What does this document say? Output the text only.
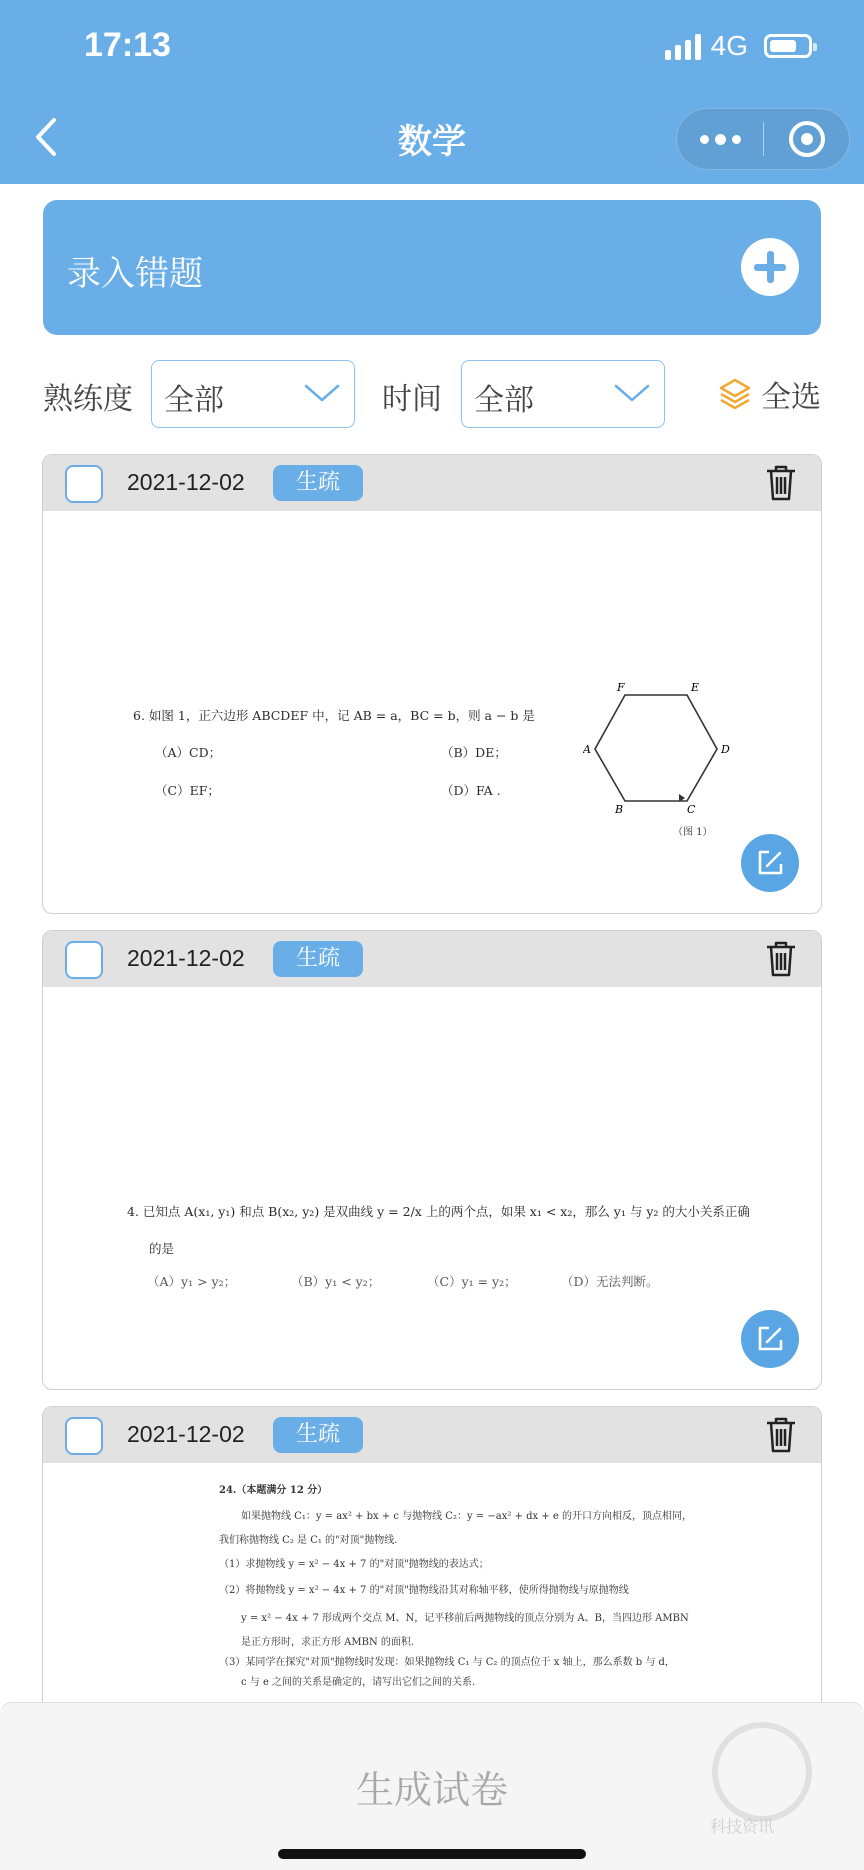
17:13	4G
数学
录入错题
熟练度 全部	时间 全部	全选
2021-12-02	生疏
6. 如图 1，正六边形 ABCDEF 中，记 AB = a，BC = b，则 a − b 是
（A）CD；	（B）DE；
（C）EF；	（D）FA .
F	E
A	D
B	C
（图 1）
2021-12-02	生疏
4. 已知点 A(x₁, y₁) 和点 B(x₂, y₂) 是双曲线 y = 2/x 上的两个点，如果 x₁ < x₂，那么 y₁ 与 y₂ 的大小关系正确
的是
（A）y₁ > y₂；	（B）y₁ < y₂；	（C）y₁ = y₂；	（D）无法判断。
2021-12-02	生疏
24.（本题满分 12 分）
如果抛物线 C₁：y = ax² + bx + c 与抛物线 C₂：y = −ax² + dx + e 的开口方向相反，顶点相同，
我们称抛物线 C₂ 是 C₁ 的"对顶"抛物线.
（1）求抛物线 y = x² − 4x + 7 的"对顶"抛物线的表达式；
（2）将抛物线 y = x² − 4x + 7 的"对顶"抛物线沿其对称轴平移，使所得抛物线与原抛物线
y = x² − 4x + 7 形成两个交点 M、N，记平移前后两抛物线的顶点分别为 A、B，当四边形 AMBN
是正方形时，求正方形 AMBN 的面积.
（3）某同学在探究"对顶"抛物线时发现：如果抛物线 C₁ 与 C₂ 的顶点位于 x 轴上，那么系数 b 与 d，
c 与 e 之间的关系是确定的，请写出它们之间的关系.
生成试卷
科技资讯
